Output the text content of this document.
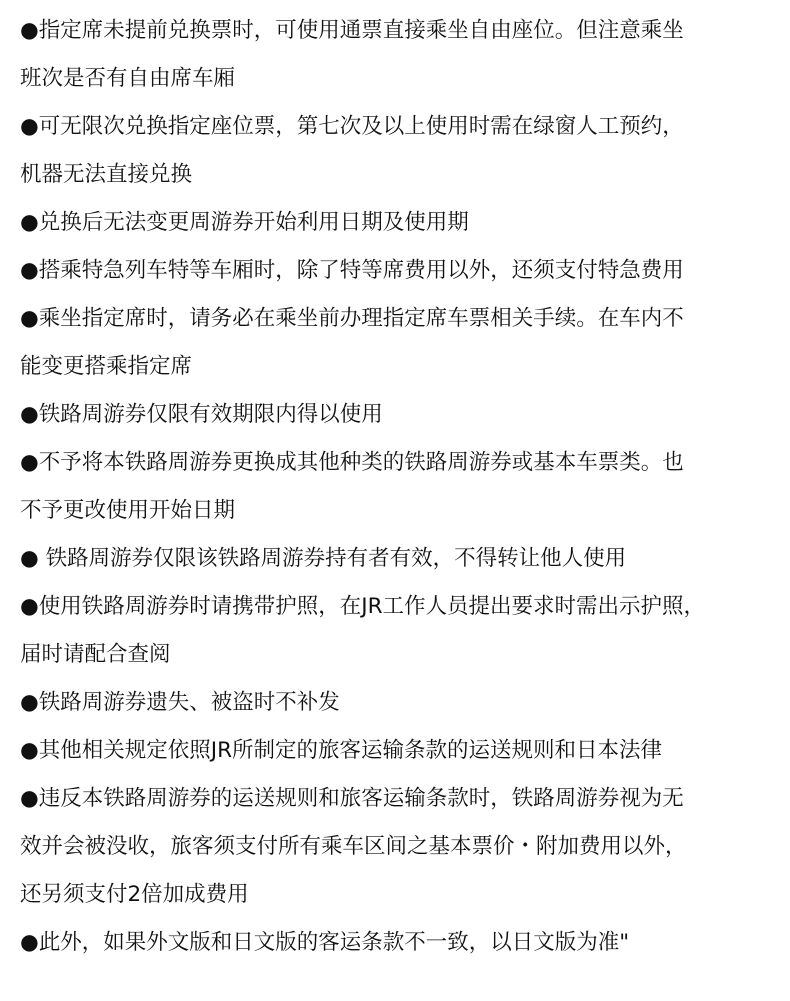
●指定席未提前兑换票时，可使用通票直接乘坐自由座位。但注意乘坐
班次是否有自由席车厢
●可无限次兑换指定座位票，第七次及以上使用时需在绿窗人工预约，
机器无法直接兑换
●兑换后无法变更周游券开始利用日期及使用期
●搭乘特急列车特等车厢时，除了特等席费用以外，还须支付特急费用
●乘坐指定席时，请务必在乘坐前办理指定席车票相关手续。在车内不
能变更搭乘指定席
●铁路周游券仅限有效期限内得以使用
●不予将本铁路周游券更换成其他种类的铁路周游券或基本车票类。也
不予更改使用开始日期
● 铁路周游券仅限该铁路周游券持有者有效，不得转让他人使用
●使用铁路周游券时请携带护照，在JR工作人员提出要求时需出示护照，
届时请配合查阅
●铁路周游券遗失、被盗时不补发
●其他相关规定依照JR所制定的旅客运输条款的运送规则和日本法律
●违反本铁路周游券的运送规则和旅客运输条款时，铁路周游券视为无
效并会被没收，旅客须支付所有乘车区间之基本票价・附加费用以外，
还另须支付2倍加成费用
●此外，如果外文版和日文版的客运条款不一致，以日文版为准"
